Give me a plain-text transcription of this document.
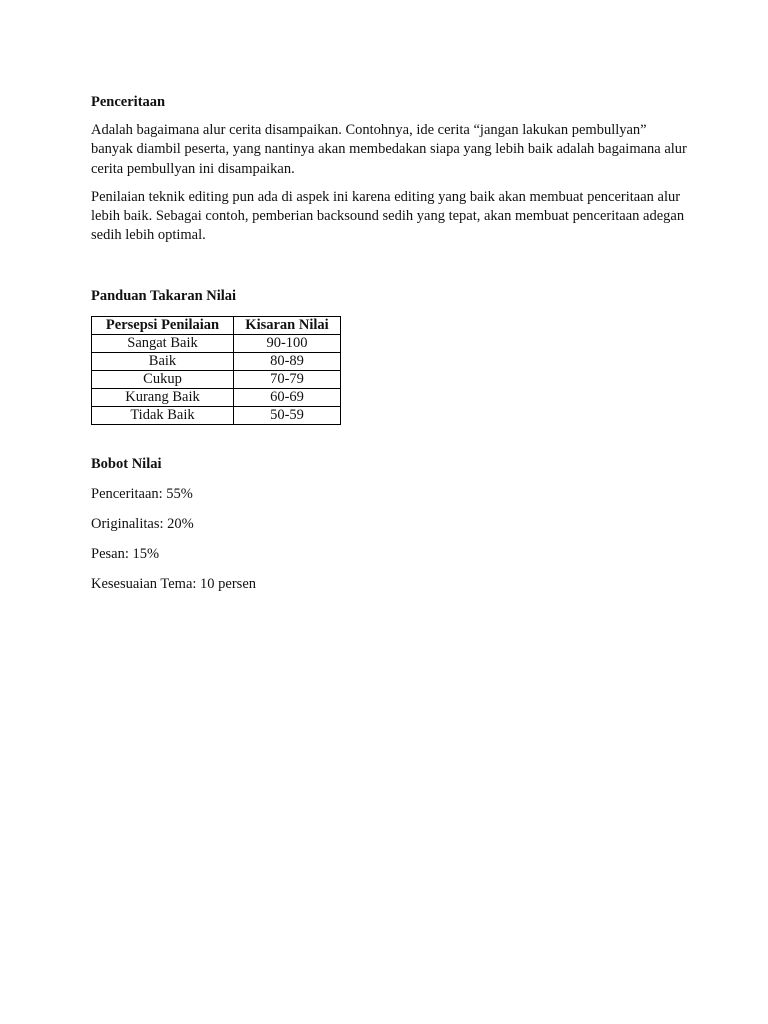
Penceritaan

Adalah bagaimana alur cerita disampaikan. Contohnya, ide cerita “jangan lakukan pembullyan” banyak diambil peserta, yang nantinya akan membedakan siapa yang lebih baik adalah bagaimana alur cerita pembullyan ini disampaikan.

Penilaian teknik editing pun ada di aspek ini karena editing yang baik akan membuat penceritaan alur lebih baik. Sebagai contoh, pemberian backsound sedih yang tepat, akan membuat penceritaan adegan sedih lebih optimal.

Panduan Takaran Nilai

Persepsi Penilaian	Kisaran Nilai
Sangat Baik	90-100
Baik	80-89
Cukup	70-79
Kurang Baik	60-69
Tidak Baik	50-59

Bobot Nilai

Penceritaan: 55%

Originalitas: 20%

Pesan: 15%

Kesesuaian Tema: 10 persen
